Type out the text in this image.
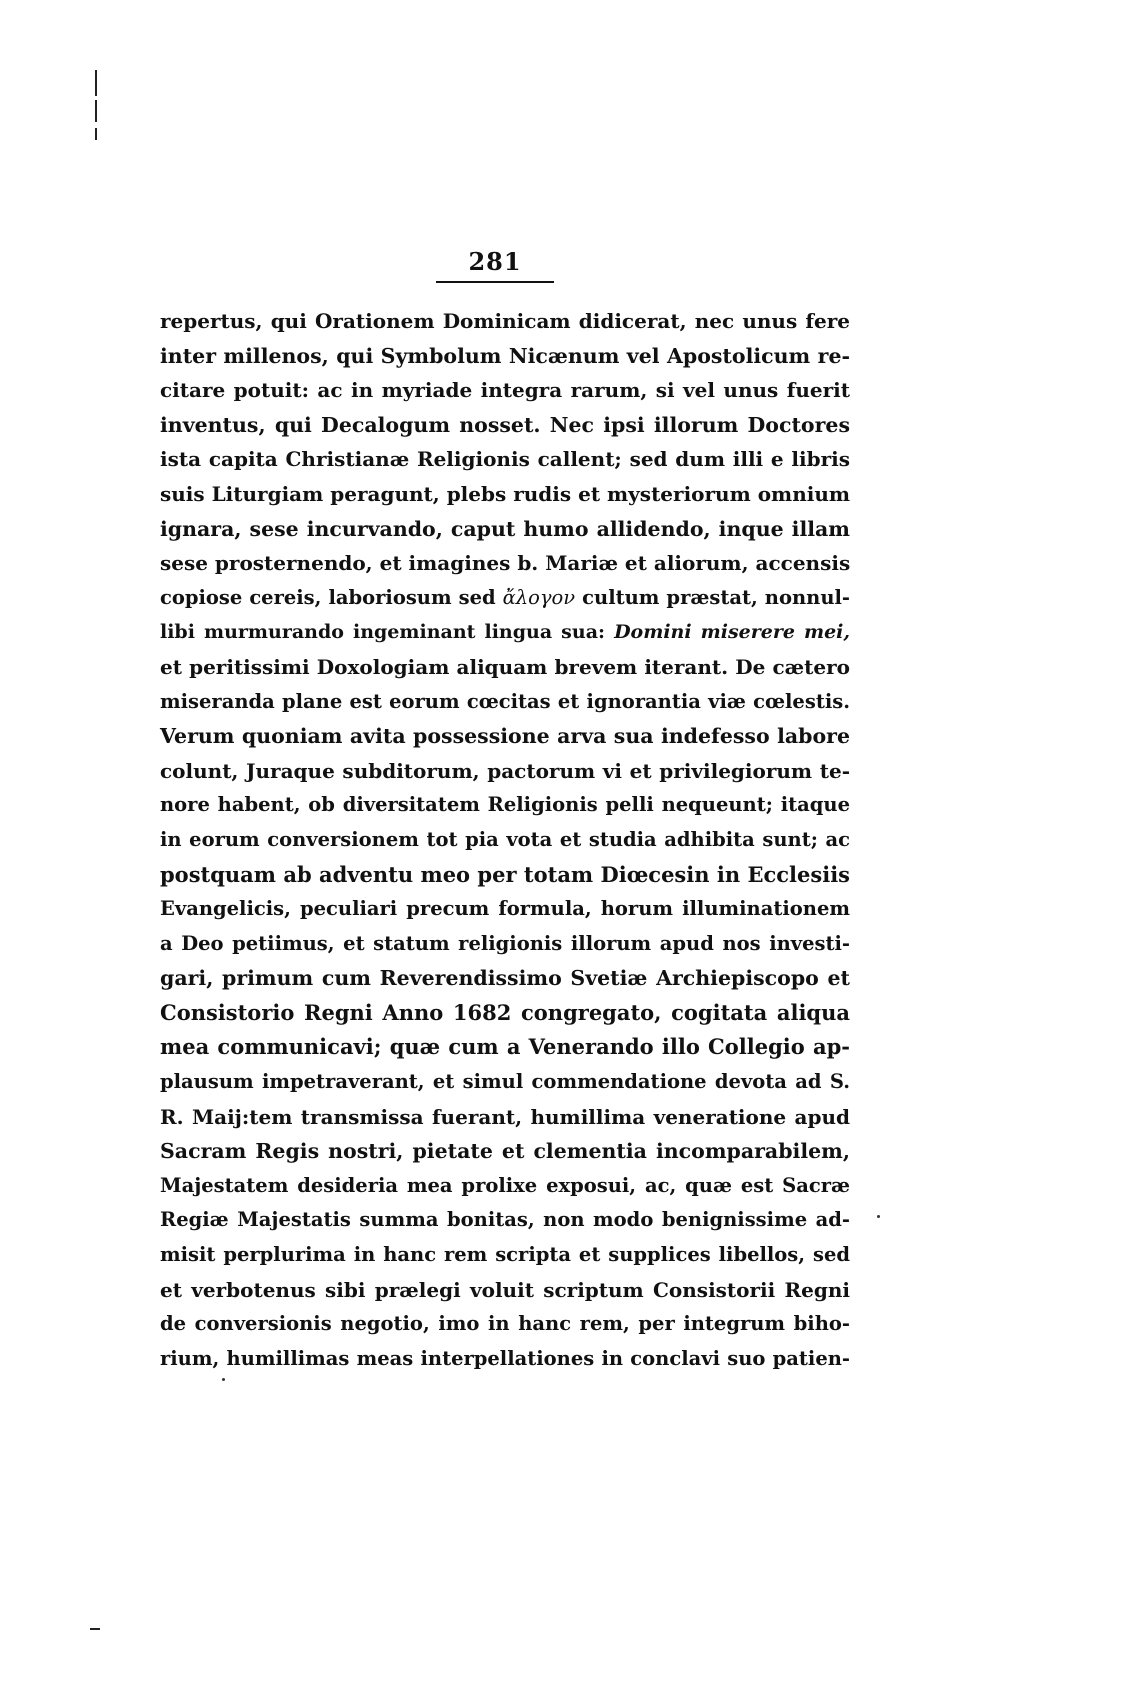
281
repertus, qui Orationem Dominicam didicerat, nec unus fere
inter millenos, qui Symbolum Nicænum vel Apostolicum re-
citare potuit: ac in myriade integra rarum, si vel unus fuerit
inventus, qui Decalogum nosset. Nec ipsi illorum Doctores
ista capita Christianæ Religionis callent; sed dum illi e libris
suis Liturgiam peragunt, plebs rudis et mysteriorum omnium
ignara, sese incurvando, caput humo allidendo, inque illam
sese prosternendo, et imagines b. Mariæ et aliorum, accensis
copiose cereis, laboriosum sed ἄλογον cultum præstat, nonnul-
libi murmurando ingeminant lingua sua: Domini miserere mei,
et peritissimi Doxologiam aliquam brevem iterant. De cætero
miseranda plane est eorum cœcitas et ignorantia viæ cœlestis.
Verum quoniam avita possessione arva sua indefesso labore
colunt, Juraque subditorum, pactorum vi et privilegiorum te-
nore habent, ob diversitatem Religionis pelli nequeunt; itaque
in eorum conversionem tot pia vota et studia adhibita sunt; ac
postquam ab adventu meo per totam Diœcesin in Ecclesiis
Evangelicis, peculiari precum formula, horum illuminationem
a Deo petiimus, et statum religionis illorum apud nos investi-
gari, primum cum Reverendissimo Svetiæ Archiepiscopo et
Consistorio Regni Anno 1682 congregato, cogitata aliqua
mea communicavi; quæ cum a Venerando illo Collegio ap-
plausum impetraverant, et simul commendatione devota ad S.
R. Maij:tem transmissa fuerant, humillima veneratione apud
Sacram Regis nostri, pietate et clementia incomparabilem,
Majestatem desideria mea prolixe exposui, ac, quæ est Sacræ
Regiæ Majestatis summa bonitas, non modo benignissime ad-
misit perplurima in hanc rem scripta et supplices libellos, sed
et verbotenus sibi prælegi voluit scriptum Consistorii Regni
de conversionis negotio, imo in hanc rem, per integrum biho-
rium, humillimas meas interpellationes in conclavi suo patien-
